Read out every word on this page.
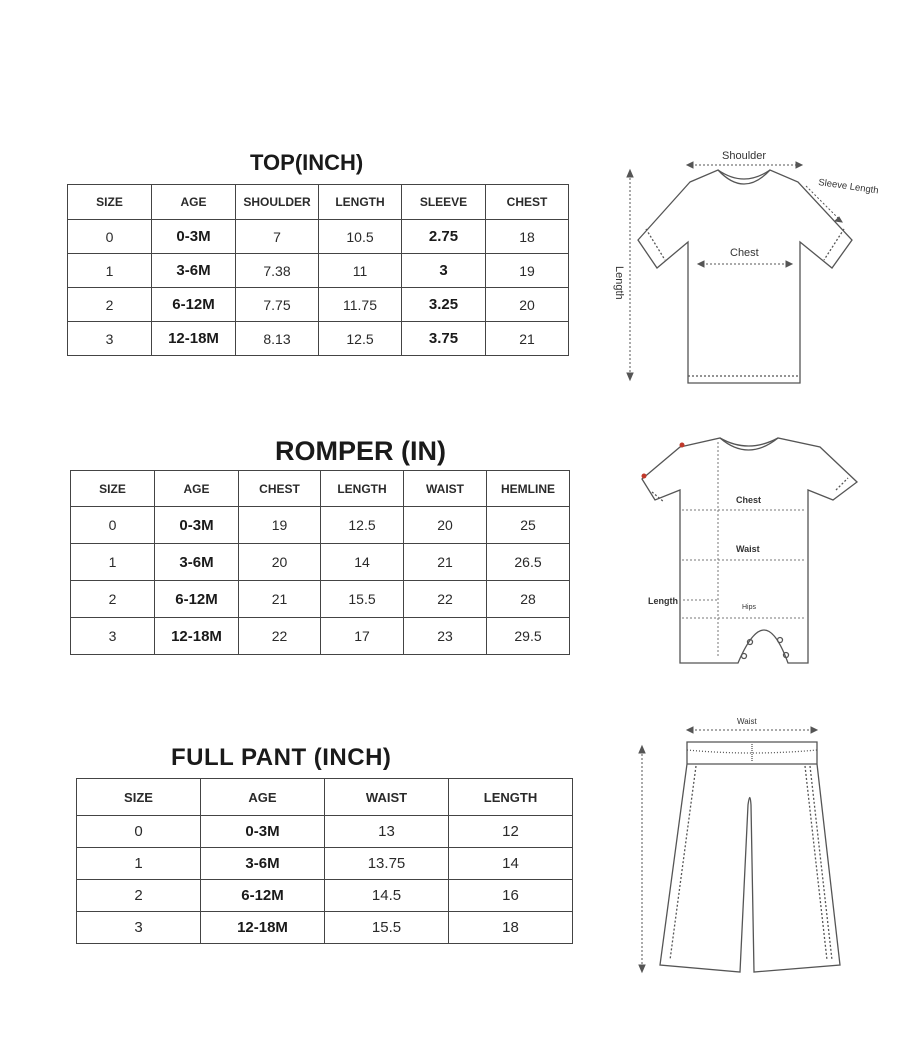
TOP(INCH)
SIZE	AGE	SHOULDER	LENGTH	SLEEVE	CHEST
0	0-3M	7	10.5	2.75	18
1	3-6M	7.38	11	3	19
2	6-12M	7.75	11.75	3.25	20
3	12-18M	8.13	12.5	3.75	21
Shoulder
Sleeve Length
Chest
Length
ROMPER (IN)
SIZE	AGE	CHEST	LENGTH	WAIST	HEMLINE
0	0-3M	19	12.5	20	25
1	3-6M	20	14	21	26.5
2	6-12M	21	15.5	22	28
3	12-18M	22	17	23	29.5
Chest
Waist
Length
Hips
FULL PANT (INCH)
SIZE	AGE	WAIST	LENGTH
0	0-3M	13	12
1	3-6M	13.75	14
2	6-12M	14.5	16
3	12-18M	15.5	18
Waist
